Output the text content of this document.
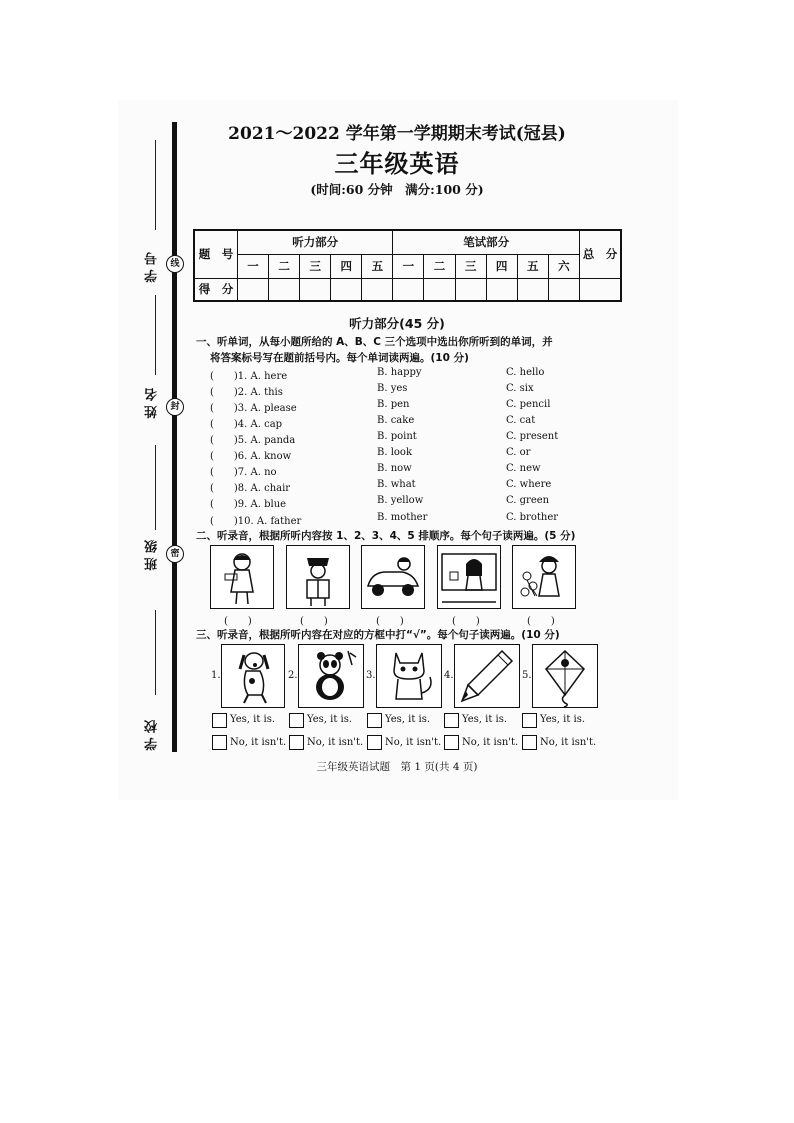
学 号
姓 名
班 级
学 校
线
封
密
2021～2022 学年第一学期期末考试(冠县)
三年级英语
(时间:60 分钟　满分:100 分)
题　号	听力部分					笔试部分						总　分
	一	二	三	四	五	一	二	三	四	五	六	
得　分												
听力部分(45 分)
一、听单词，从每小题所给的 A、B、C 三个选项中选出你所听到的单词，并
将答案标号写在题前括号内。每个单词读两遍。(10 分)
(　　)1. A. here	B. happy	C. hello
(　　)2. A. this	B. yes	C. six
(　　)3. A. please	B. pen	C. pencil
(　　)4. A. cap	B. cake	C. cat
(　　)5. A. panda	B. point	C. present
(　　)6. A. know	B. look	C. or
(　　)7. A. no	B. now	C. new
(　　)8. A. chair	B. what	C. where
(　　)9. A. blue	B. yellow	C. green
(　　)10. A. father	B. mother	C. brother
二、听录音，根据所听内容按 1、2、3、4、5 排顺序。每个句子读两遍。(5 分)
(　　)	(　　)	(　　)	(　　)	(　　)
三、听录音，根据所听内容在对应的方框中打“√”。每个句子读两遍。(10 分)
1.	2.	3.	4.	5.
Yes, it is.	Yes, it is.	Yes, it is.	Yes, it is.	Yes, it is.
No, it isn't. No, it isn't. No, it isn't. No, it isn't. No, it isn't.
三年级英语试题　第 1 页(共 4 页)
